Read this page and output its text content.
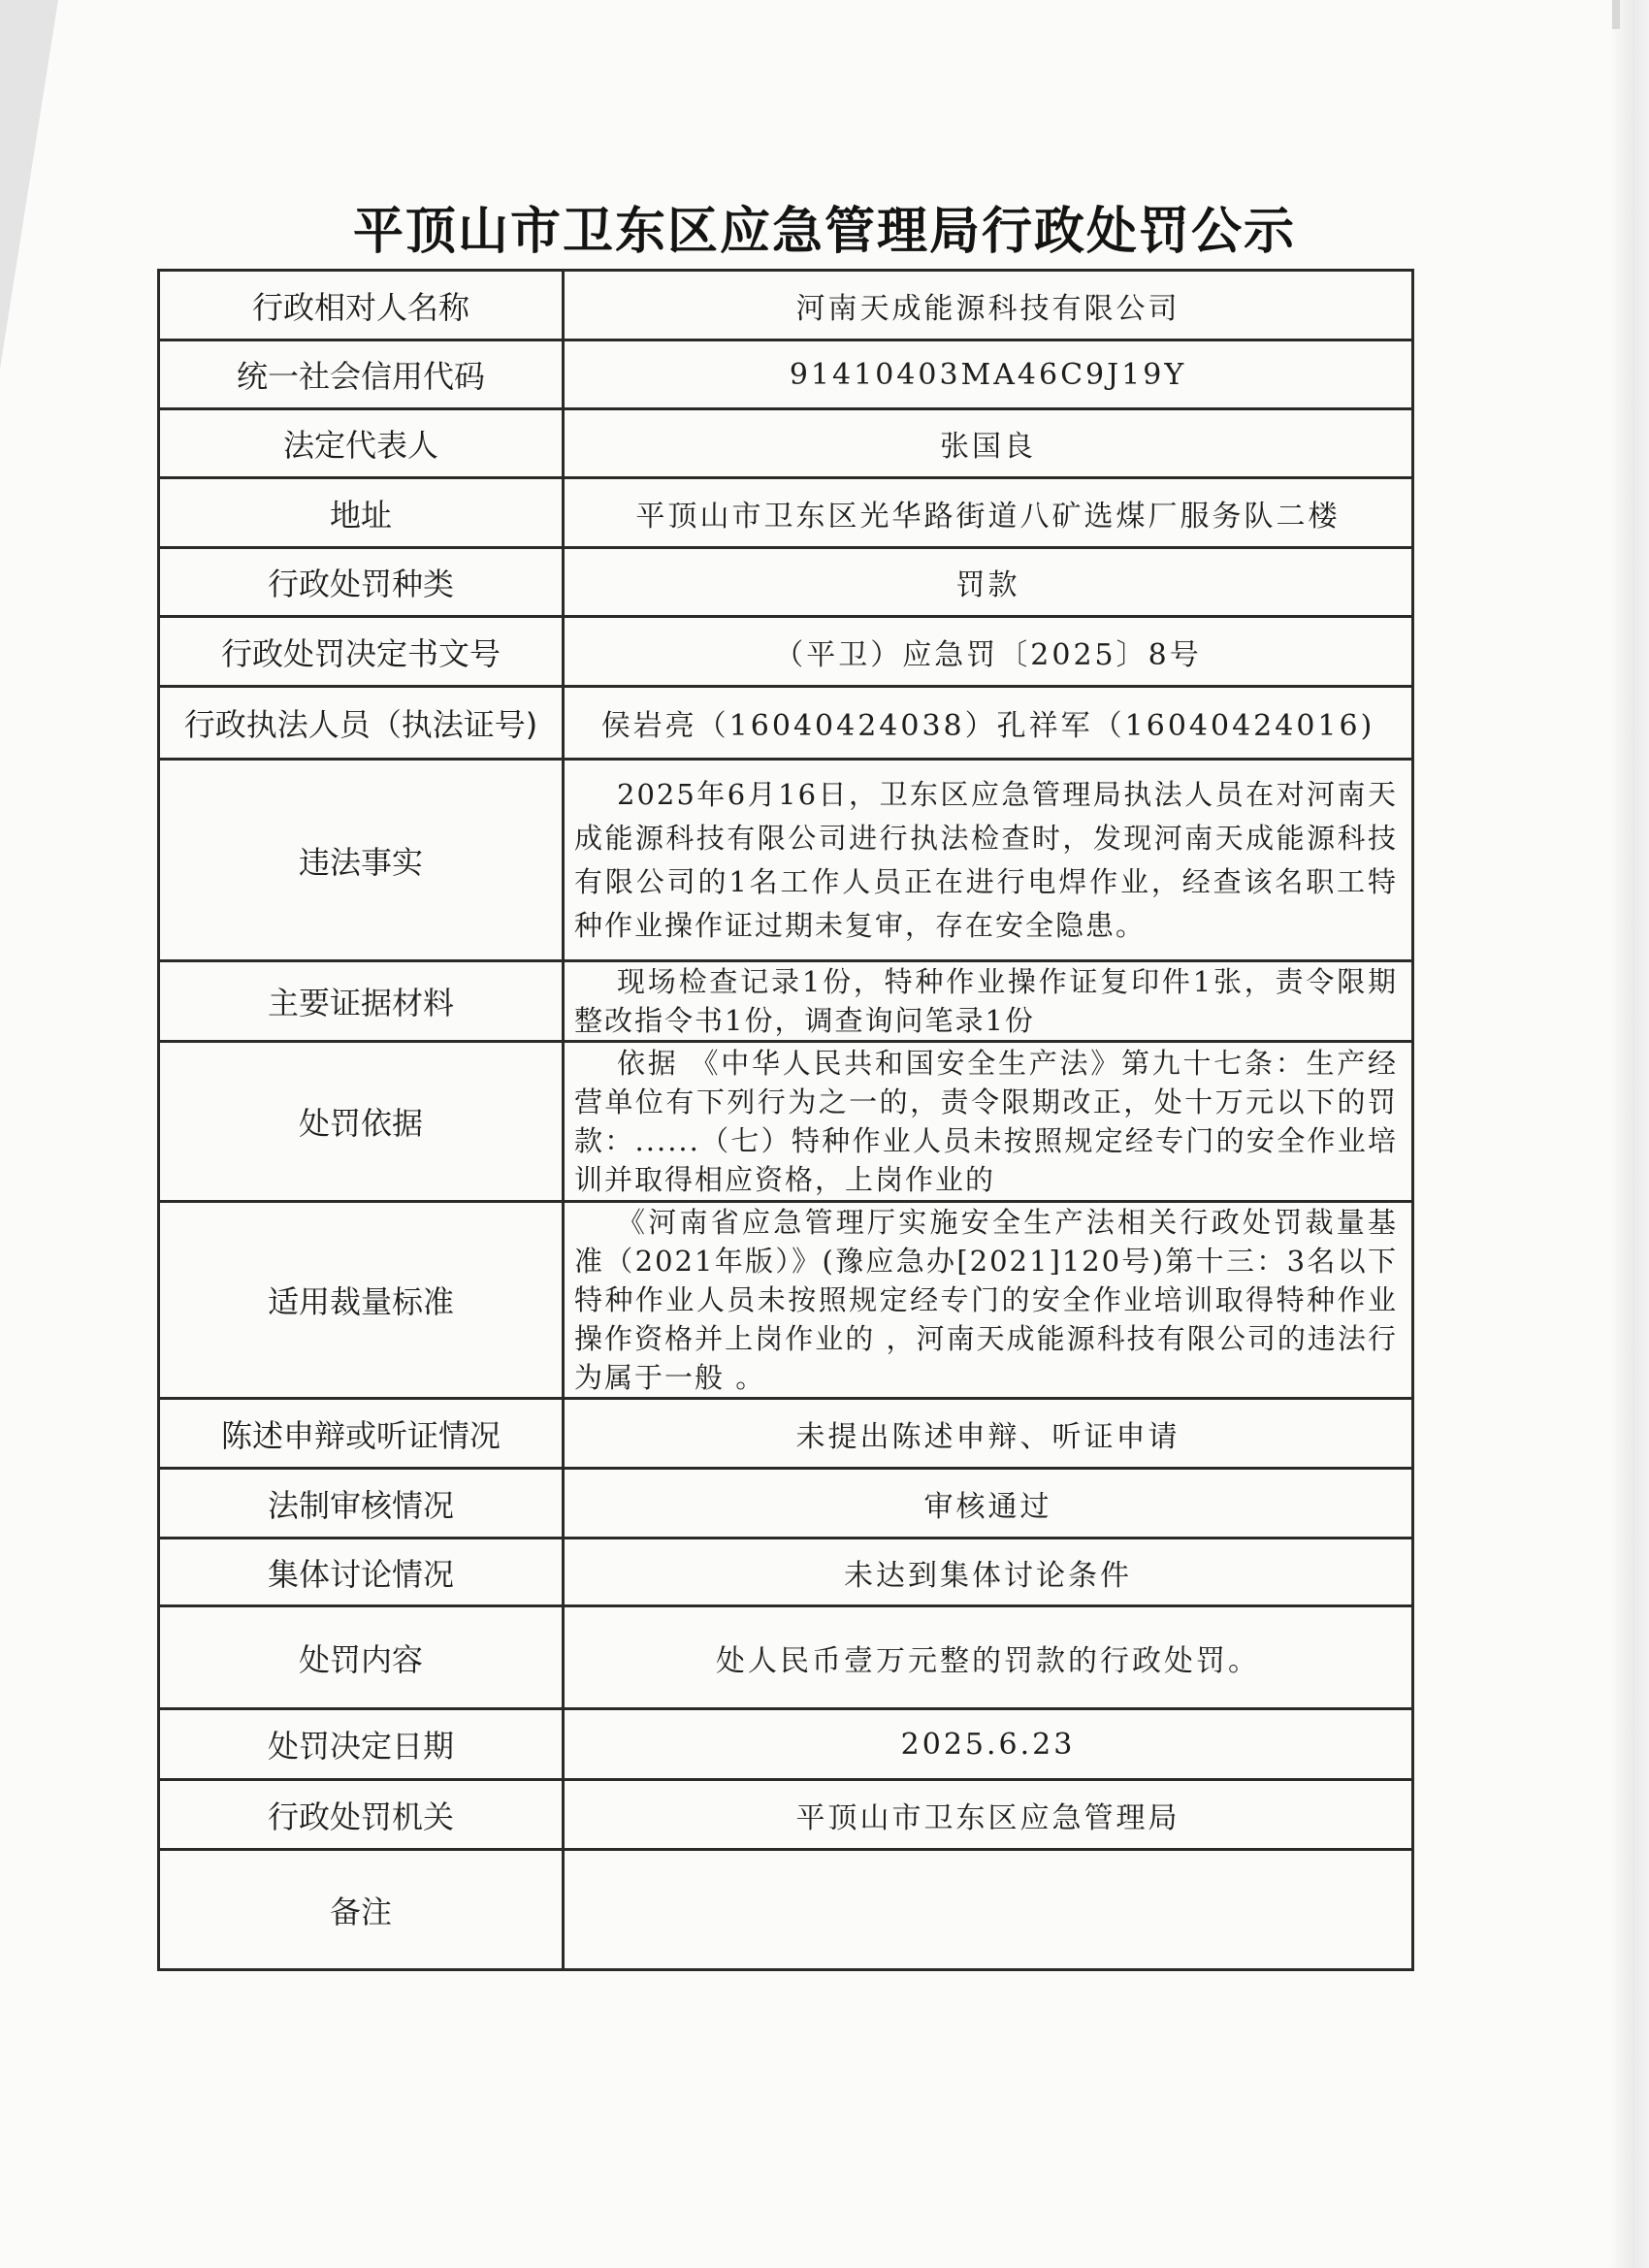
平顶山市卫东区应急管理局行政处罚公示
行政相对人名称	河南天成能源科技有限公司
统一社会信用代码	91410403MA46C9J19Y
法定代表人	张国良
地址	平顶山市卫东区光华路街道八矿选煤厂服务队二楼
行政处罚种类	罚款
行政处罚决定书文号	（平卫）应急罚〔2025〕8号
行政执法人员（执法证号)	侯岩亮（16040424038）孔祥军（16040424016)
违法事实	2025年6月16日，卫东区应急管理局执法人员在对河南天成能源科技有限公司进行执法检查时，发现河南天成能源科技有限公司的1名工作人员正在进行电焊作业，经查该名职工特种作业操作证过期未复审，存在安全隐患。
主要证据材料	现场检查记录1份，特种作业操作证复印件1张，责令限期整改指令书1份，调查询问笔录1份
处罚依据	依据 《中华人民共和国安全生产法》第九十七条：生产经营单位有下列行为之一的，责令限期改正，处十万元以下的罚款：......（七）特种作业人员未按照规定经专门的安全作业培训并取得相应资格，上岗作业的
适用裁量标准	《河南省应急管理厅实施安全生产法相关行政处罚裁量基准（2021年版）》(豫应急办[2021]120号)第十三：3名以下特种作业人员未按照规定经专门的安全作业培训取得特种作业操作资格并上岗作业的 ，河南天成能源科技有限公司的违法行为属于一般 。
陈述申辩或听证情况	未提出陈述申辩、听证申请
法制审核情况	审核通过
集体讨论情况	未达到集体讨论条件
处罚内容	处人民币壹万元整的罚款的行政处罚。
处罚决定日期	2025.6.23
行政处罚机关	平顶山市卫东区应急管理局
备注	
